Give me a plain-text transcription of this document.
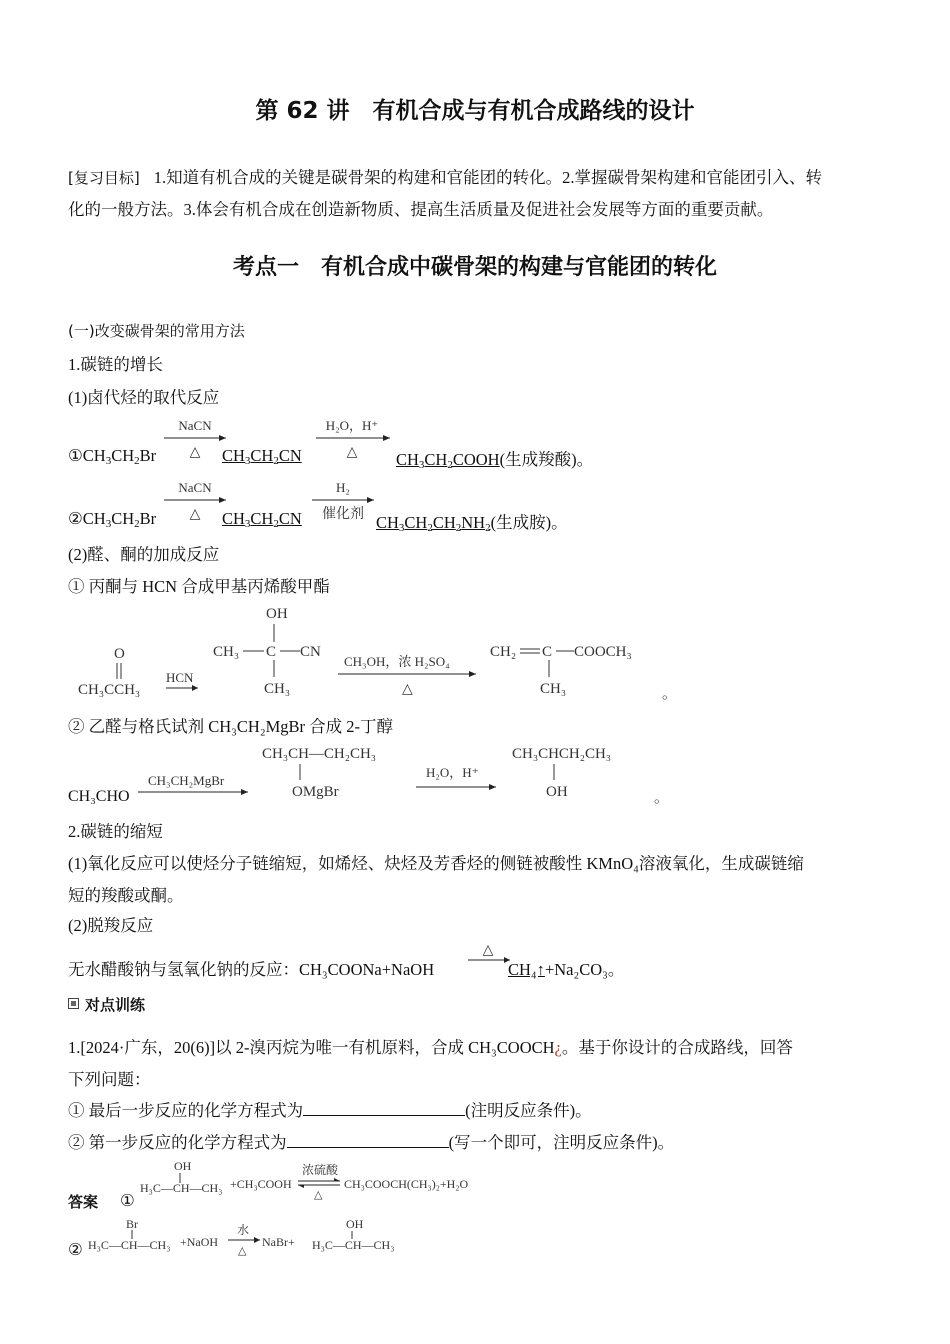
第 62 讲　有机合成与有机合成路线的设计
[复习目标] 1.知道有机合成的关键是碳骨架的构建和官能团的转化。2.掌握碳骨架构建和官能团引入、转
化的一般方法。3.体会有机合成在创造新物质、提高生活质量及促进社会发展等方面的重要贡献。
考点一　有机合成中碳骨架的构建与官能团的转化
(一)改变碳骨架的常用方法
1.碳链的增长
(1)卤代烃的取代反应
$①CH_3CH_2Br$
NaCN
△ $CH_3CH_2CN$
H₂O，H⁺
△ $CH_3CH_2COOH$(生成羧酸)。
$②CH_3CH_2Br$
NaCN
△ $CH_3CH_2CN$
H₂
催化剂 $CH_3CH_2CH_2NH_2$(生成胺)。
(2)醛、酮的加成反应
① 丙酮与 HCN 合成甲基丙烯酸甲酯
O
CH₃CCH₃
HCN
OH
CH₃ C CN
CH₃
CH₃OH，浓 H₂SO₄
△
CH₂ C COOCH₃
CH₃	。
② 乙醛与格氏试剂 CH₃CH₂MgBr 合成 2-丁醇
CH₃CHO
CH₃CH₂MgBr
CH₃CH—CH₂CH₃
OMgBr
H₂O，H⁺
CH₃CHCH₂CH₃
OH	。
2.碳链的缩短
(1)氧化反应可以使烃分子链缩短，如烯烃、炔烃及芳香烃的侧链被酸性 KMnO₄溶液氧化，生成碳链缩
短的羧酸或酮。
(2)脱羧反应
无水醋酸钠与氢氧化钠的反应：CH₃COONa+NaOH
△
CH₄↑+Na₂CO₃。
对点训练
1.[2024·广东，20(6)]以 2-溴丙烷为唯一有机原料，合成 CH₃COOCH¿。基于你设计的合成路线，回答
下列问题：
① 最后一步反应的化学方程式为	(注明反应条件)。
② 第一步反应的化学方程式为	(写一个即可，注明反应条件)。
答案 ①
OH
H₃C—CH—CH₃ +CH₃COOH
浓硫酸
△
CH₃COOCH(CH₃)₂+H₂O
②
Br
H₃C—CH—CH₃ +NaOH
水
△
NaBr+
OH
H₃C—CH—CH₃
